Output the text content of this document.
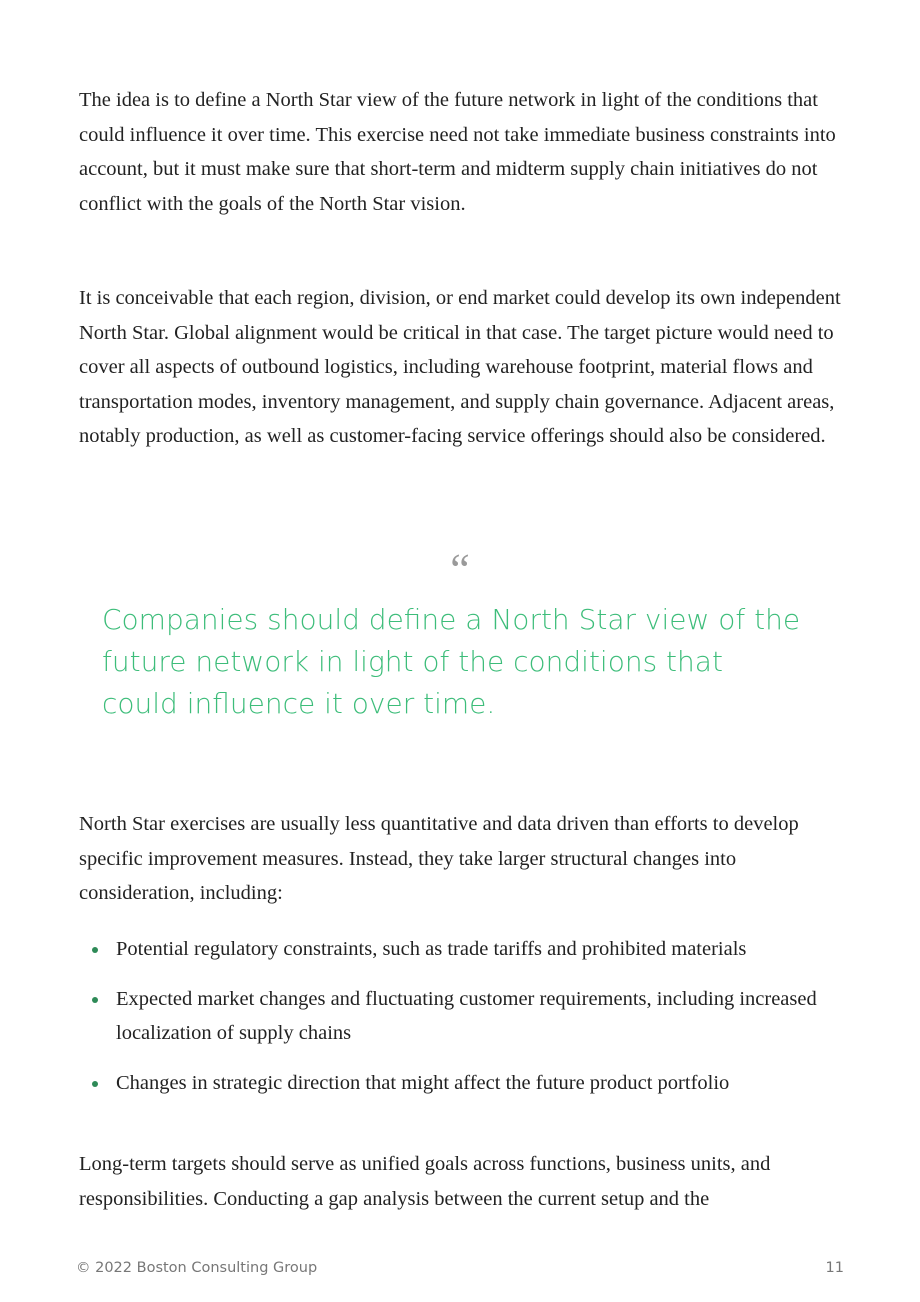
The idea is to define a North Star view of the future network in light of the conditions that could influence it over time. This exercise need not take immediate business constraints into account, but it must make sure that short-term and midterm supply chain initiatives do not conflict with the goals of the North Star vision.

It is conceivable that each region, division, or end market could develop its own independent North Star. Global alignment would be critical in that case. The target picture would need to cover all aspects of outbound logistics, including warehouse footprint, material flows and transportation modes, inventory management, and supply chain governance. Adjacent areas, notably production, as well as customer-facing service offerings should also be considered.

“

Companies should define a North Star view of the future network in light of the conditions that could influence it over time.

North Star exercises are usually less quantitative and data driven than efforts to develop specific improvement measures. Instead, they take larger structural changes into consideration, including:

Potential regulatory constraints, such as trade tariffs and prohibited materials
Expected market changes and fluctuating customer requirements, including increased localization of supply chains
Changes in strategic direction that might affect the future product portfolio

Long-term targets should serve as unified goals across functions, business units, and responsibilities. Conducting a gap analysis between the current setup and the

© 2022 Boston Consulting Group	11
